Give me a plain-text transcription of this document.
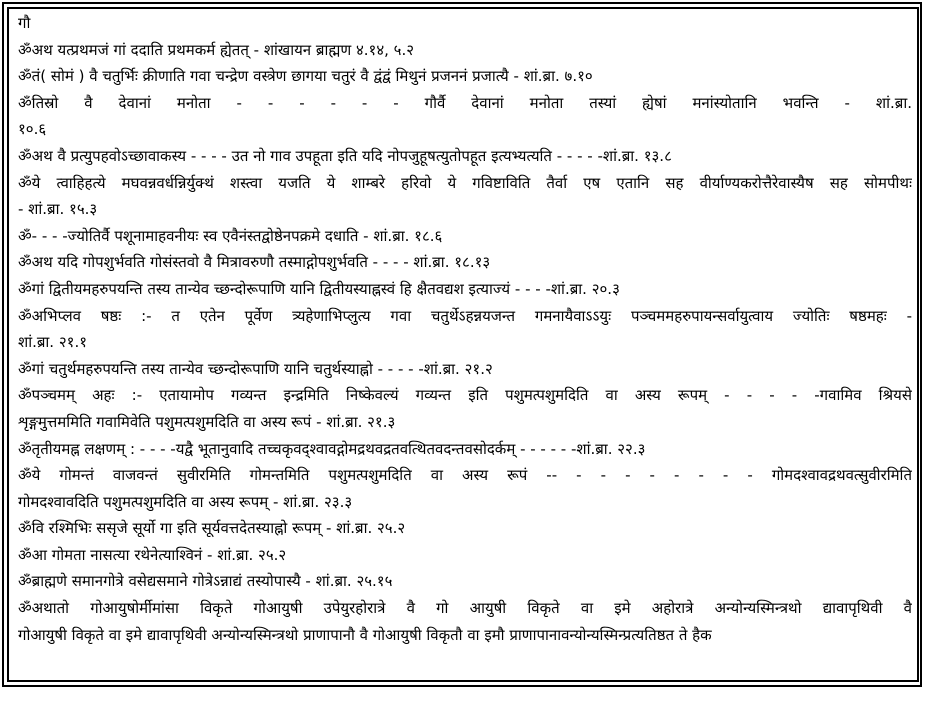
गौ
ॐअथ यत्प्रथमजं गां ददाति प्रथमकर्म ह्येतत् - शांखायन ब्राह्मण ४.१४, ५.२
ॐतं( सोमं ) वै चतुर्भिः क्रीणाति गवा चन्द्रेण वस्त्रेण छागया चतुरं वै द्वंद्वं मिथुनं प्रजननं प्रजात्यै - शां.ब्रा. ७.१०
ॐतिस्रो वै देवानां मनोता - - - - - - गौर्वै देवानां मनोता तस्यां ह्येषां मनांस्योतानि भवन्ति - शां.ब्रा.
१०.६
ॐअथ वै प्रत्युपहवोऽच्छावाकस्य - - - - उत नो गाव उपहूता इति यदि नोपजुहूषत्युतोपहूत इत्यभ्यत्यति - - - - -शां.ब्रा. १३.८
ॐये त्वाहिहत्ये मघवन्नवर्धन्निर्युक्थं शस्त्वा यजति ये शाम्बरे हरिवो ये गविष्टाविति तैर्वा एष एतानि सह वीर्याण्यकरोत्तैरेवास्यैष सह सोमपीथः
- शां.ब्रा. १५.३
ॐ- - - -ज्योतिर्वै पशूनामाहवनीयः स्व एवैनंस्तद्वोष्ठेनपक्रमे दधाति - शां.ब्रा. १८.६
ॐअथ यदि गोपशुर्भवति गोसंस्तवो वै मित्रावरुणौ तस्माद्गोपशुर्भवति - - - - शां.ब्रा. १८.१३
ॐगां द्वितीयमहरुपयन्ति तस्य तान्येव च्छन्दोरूपाणि यानि द्वितीयस्याह्नस्वं हि क्षैतवद्यश इत्याज्यं - - - -शां.ब्रा. २०.३
ॐअभिप्लव षष्ठः :- त एतेन पूर्वेण त्र्यहेणाभिप्लुत्य गवा चतुर्थेऽहन्नयजन्त गमनायैवाऽऽयुः पञ्चममहरुपायन्सर्वायुत्वाय ज्योतिः षष्ठमहः -
शां.ब्रा. २१.१
ॐगां चतुर्थमहरुपयन्ति तस्य तान्येव च्छन्दोरूपाणि यानि चतुर्थस्याह्नो - - - - -शां.ब्रा. २१.२
ॐपञ्चमम् अहः :- एतायामोप गव्यन्त इन्द्रमिति निष्केवल्यं गव्यन्त इति पशुमत्पशुमदिति वा अस्य रूपम् - - - - -गवामिव श्रियसे
शृङ्गमुत्तममिति गवामिवेति पशुमत्पशुमदिति वा अस्य रूपं - शां.ब्रा. २१.३
ॐतृतीयमह्न लक्षणम् : - - - -यद्वै भूतानुवादि तच्चकृवद्श्वावद्गोमद्रथवद्रतवत्थितवदन्तवसोदर्कम् - - - - - -शां.ब्रा. २२.३
ॐये गोमन्तं वाजवन्तं सुवीरमिति गोमन्तमिति पशुमत्पशुमदिति वा अस्य रूपं -- - - - - - - - - गोमदश्वावद्रथवत्सुवीरमिति
गोमदश्वावदिति पशुमत्पशुमदिति वा अस्य रूपम् - शां.ब्रा. २३.३
ॐवि रश्मिभिः ससृजे सूर्यो गा इति सूर्यवत्तदेतस्याह्नो रूपम् - शां.ब्रा. २५.२
ॐआ गोमता नासत्या रथेनेत्याश्विनं - शां.ब्रा. २५.२
ॐब्राह्मणे समानगोत्रे वसेद्यसमाने गोत्रेऽन्नाद्यं तस्योपास्यै - शां.ब्रा. २५.१५
ॐअथातो गोआयुषोर्मीमांसा विकृते गोआयुषी उपेयुरहोरात्रे वै गो आयुषी विकृते वा इमे अहोरात्रे अन्योन्यस्मिन्त्रथो द्यावापृथिवी वै
गोआयुषी विकृते वा इमे द्यावापृथिवी अन्योन्यस्मिन्त्रथो प्राणापानौ वै गोआयुषी विकृतौ वा इमौ प्राणापानावन्योन्यस्मिन्प्रत्यतिष्ठत ते हैक
